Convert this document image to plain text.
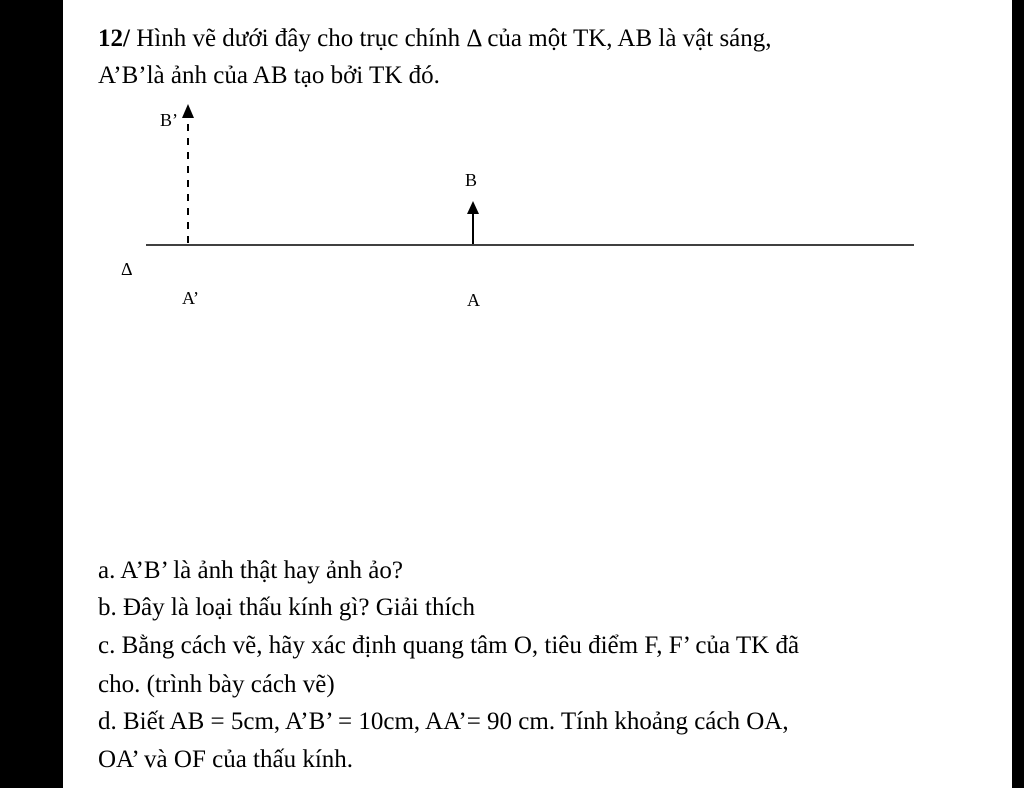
12/ Hình vẽ dưới đây cho trục chính Δ của một TK, AB là vật sáng,
A’B’là ảnh của AB tạo bởi TK đó.
B’
B
Δ
A’	A
a. A’B’ là ảnh thật hay ảnh ảo?
b. Đây là loại thấu kính gì? Giải thích
c. Bằng cách vẽ, hãy xác định quang tâm O, tiêu điểm F, F’ của TK đã
cho. (trình bày cách vẽ)
d. Biết AB = 5cm, A’B’ = 10cm, AA’= 90 cm. Tính khoảng cách OA,
OA’ và OF của thấu kính.
